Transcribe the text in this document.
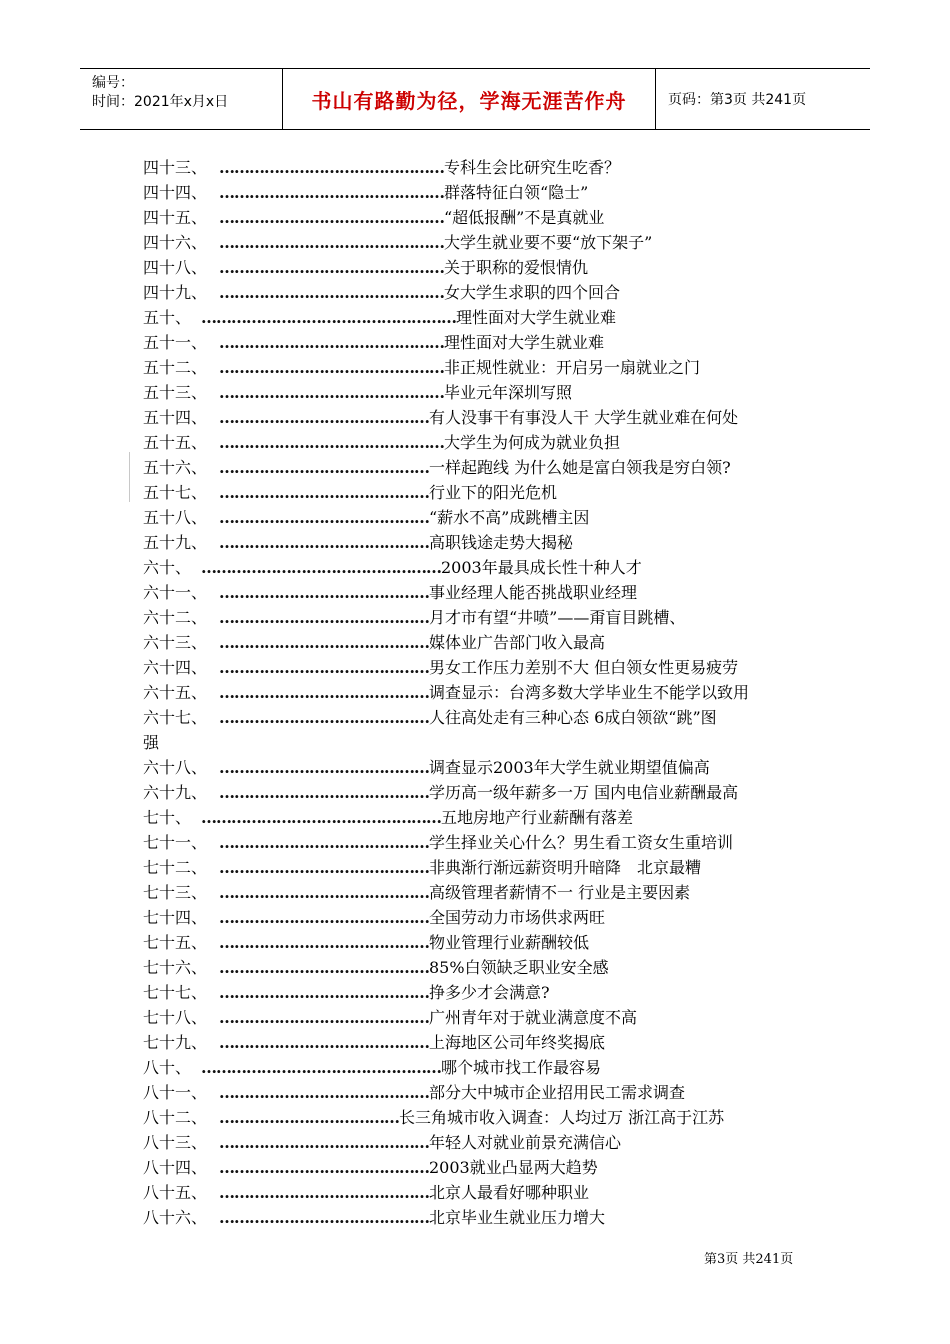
编号：
时间：2021年x月x日	书山有路勤为径，学海无涯苦作舟	页码：第3页 共241页
四十三、 ……………………………………… 专科生会比研究生吃香？
四十四、 ……………………………………… 群落特征白领“隐士”
四十五、 ……………………………………… “超低报酬”不是真就业
四十六、 ……………………………………… 大学生就业要不要“放下架子”
四十八、 ……………………………………… 关于职称的爱恨情仇
四十九、 ……………………………………… 女大学生求职的四个回合
五十、 …………………………………………… 理性面对大学生就业难
五十一、 ……………………………………… 理性面对大学生就业难
五十二、 ……………………………………… 非正规性就业：开启另一扇就业之门
五十三、 ……………………………………… 毕业元年深圳写照
五十四、 …………………………………… 有人没事干有事没人干 大学生就业难在何处
五十五、 ……………………………………… 大学生为何成为就业负担
五十六、 …………………………………… 一样起跑线 为什么她是富白领我是穷白领?
五十七、 …………………………………… 行业下的阳光危机
五十八、 …………………………………… “薪水不高”成跳槽主因
五十九、 …………………………………… 高职钱途走势大揭秘
六十、 ………………………………………… 2003年最具成长性十种人才
六十一、 …………………………………… 事业经理人能否挑战职业经理
六十二、 …………………………………… 月才市有望“井喷”——甭盲目跳槽、
六十三、 …………………………………… 媒体业广告部门收入最高
六十四、 …………………………………… 男女工作压力差别不大 但白领女性更易疲劳
六十五、 …………………………………… 调查显示：台湾多数大学毕业生不能学以致用
六十七、 …………………………………… 人往高处走有三种心态 6成白领欲“跳”图
强
六十八、 …………………………………… 调查显示2003年大学生就业期望值偏高
六十九、 …………………………………… 学历高一级年薪多一万 国内电信业薪酬最高
七十、 ………………………………………… 五地房地产行业薪酬有落差
七十一、 …………………………………… 学生择业关心什么？男生看工资女生重培训
七十二、 …………………………………… 非典渐行渐远薪资明升暗降　北京最糟
七十三、 …………………………………… 高级管理者薪情不一 行业是主要因素
七十四、 …………………………………… 全国劳动力市场供求两旺
七十五、 …………………………………… 物业管理行业薪酬较低
七十六、 …………………………………… 85%白领缺乏职业安全感
七十七、 …………………………………… 挣多少才会满意?
七十八、 …………………………………… 广州青年对于就业满意度不高
七十九、 …………………………………… 上海地区公司年终奖揭底
八十、 ………………………………………… 哪个城市找工作最容易
八十一、 …………………………………… 部分大中城市企业招用民工需求调查
八十二、 ……………………………… 长三角城市收入调查：人均过万 浙江高于江苏
八十三、 …………………………………… 年轻人对就业前景充满信心
八十四、 …………………………………… 2003就业凸显两大趋势
八十五、 …………………………………… 北京人最看好哪种职业
八十六、 …………………………………… 北京毕业生就业压力增大
第3页 共241页
